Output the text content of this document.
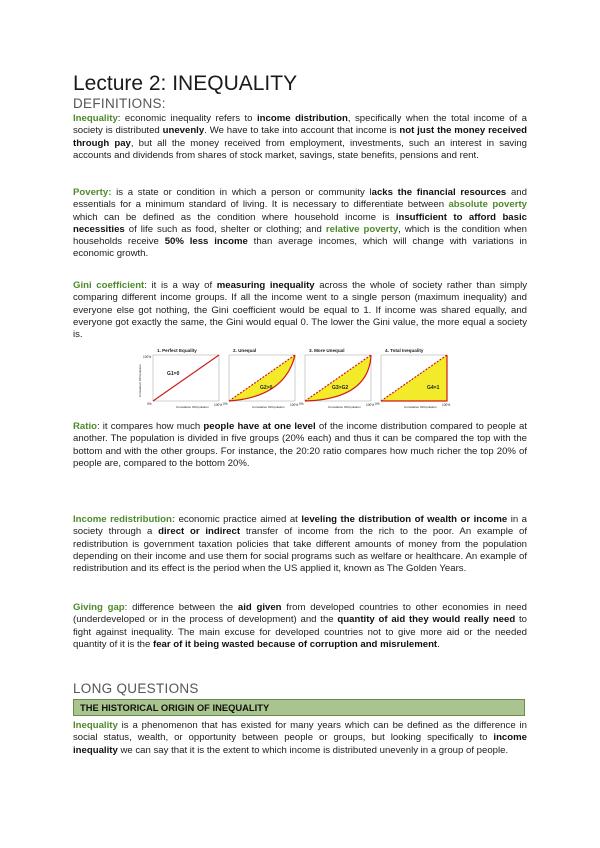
Lecture 2: INEQUALITY
DEFINITIONS:

Inequality: economic inequality refers to income distribution, specifically when the total income of a society is distributed unevenly. We have to take into account that income is not just the money received through pay, but all the money received from employment, investments, such an interest in saving accounts and dividends from shares of stock market, savings, state benefits, pensions and rent.

Poverty: is a state or condition in which a person or community lacks the financial resources and essentials for a minimum standard of living. It is necessary to differentiate between absolute poverty which can be defined as the condition where household income is insufficient to afford basic necessities of life such as food, shelter or clothing; and relative poverty, which is the condition when households receive 50% less income than average incomes, which will change with variations in economic growth.

Gini coefficient: it is a way of measuring inequality across the whole of society rather than simply comparing different income groups. If all the income went to a single person (maximum inequality) and everyone else got nothing, the Gini coefficient would be equal to 1. If income was shared equally, and everyone got exactly the same, the Gini would equal 0. The lower the Gini value, the more equal a society is.

1. Perfect Equality
G1=0
0%	100%
Cumulative %Population
2. Unequal
G2>0
0%	100%
Cumulative %Population
3. More Unequal
G3>G2
0%	100%
Cumulative %Population
4. Total Inequality
G4=1
0%	100%
Cumulative %Population
100%
Cumulative %Population

Ratio: it compares how much people have at one level of the income distribution compared to people at another. The population is divided in five groups (20% each) and thus it can be compared the top with the bottom and with the other groups. For instance, the 20:20 ratio compares how much richer the top 20% of people are, compared to the bottom 20%.

Income redistribution: economic practice aimed at leveling the distribution of wealth or income in a society through a direct or indirect transfer of income from the rich to the poor. An example of redistribution is government taxation policies that take different amounts of money from the population depending on their income and use them for social programs such as welfare or healthcare. An example of redistribution and its effect is the period when the US applied it, known as The Golden Years.

Giving gap: difference between the aid given from developed countries to other economies in need (underdeveloped or in the process of development) and the quantity of aid they would really need to fight against inequality. The main excuse for developed countries not to give more aid or the needed quantity of it is the fear of it being wasted because of corruption and misrulement.

LONG QUESTIONS
THE HISTORICAL ORIGIN OF INEQUALITY

Inequality is a phenomenon that has existed for many years which can be defined as the difference in social status, wealth, or opportunity between people or groups, but looking specifically to income inequality we can say that it is the extent to which income is distributed unevenly in a group of people.
